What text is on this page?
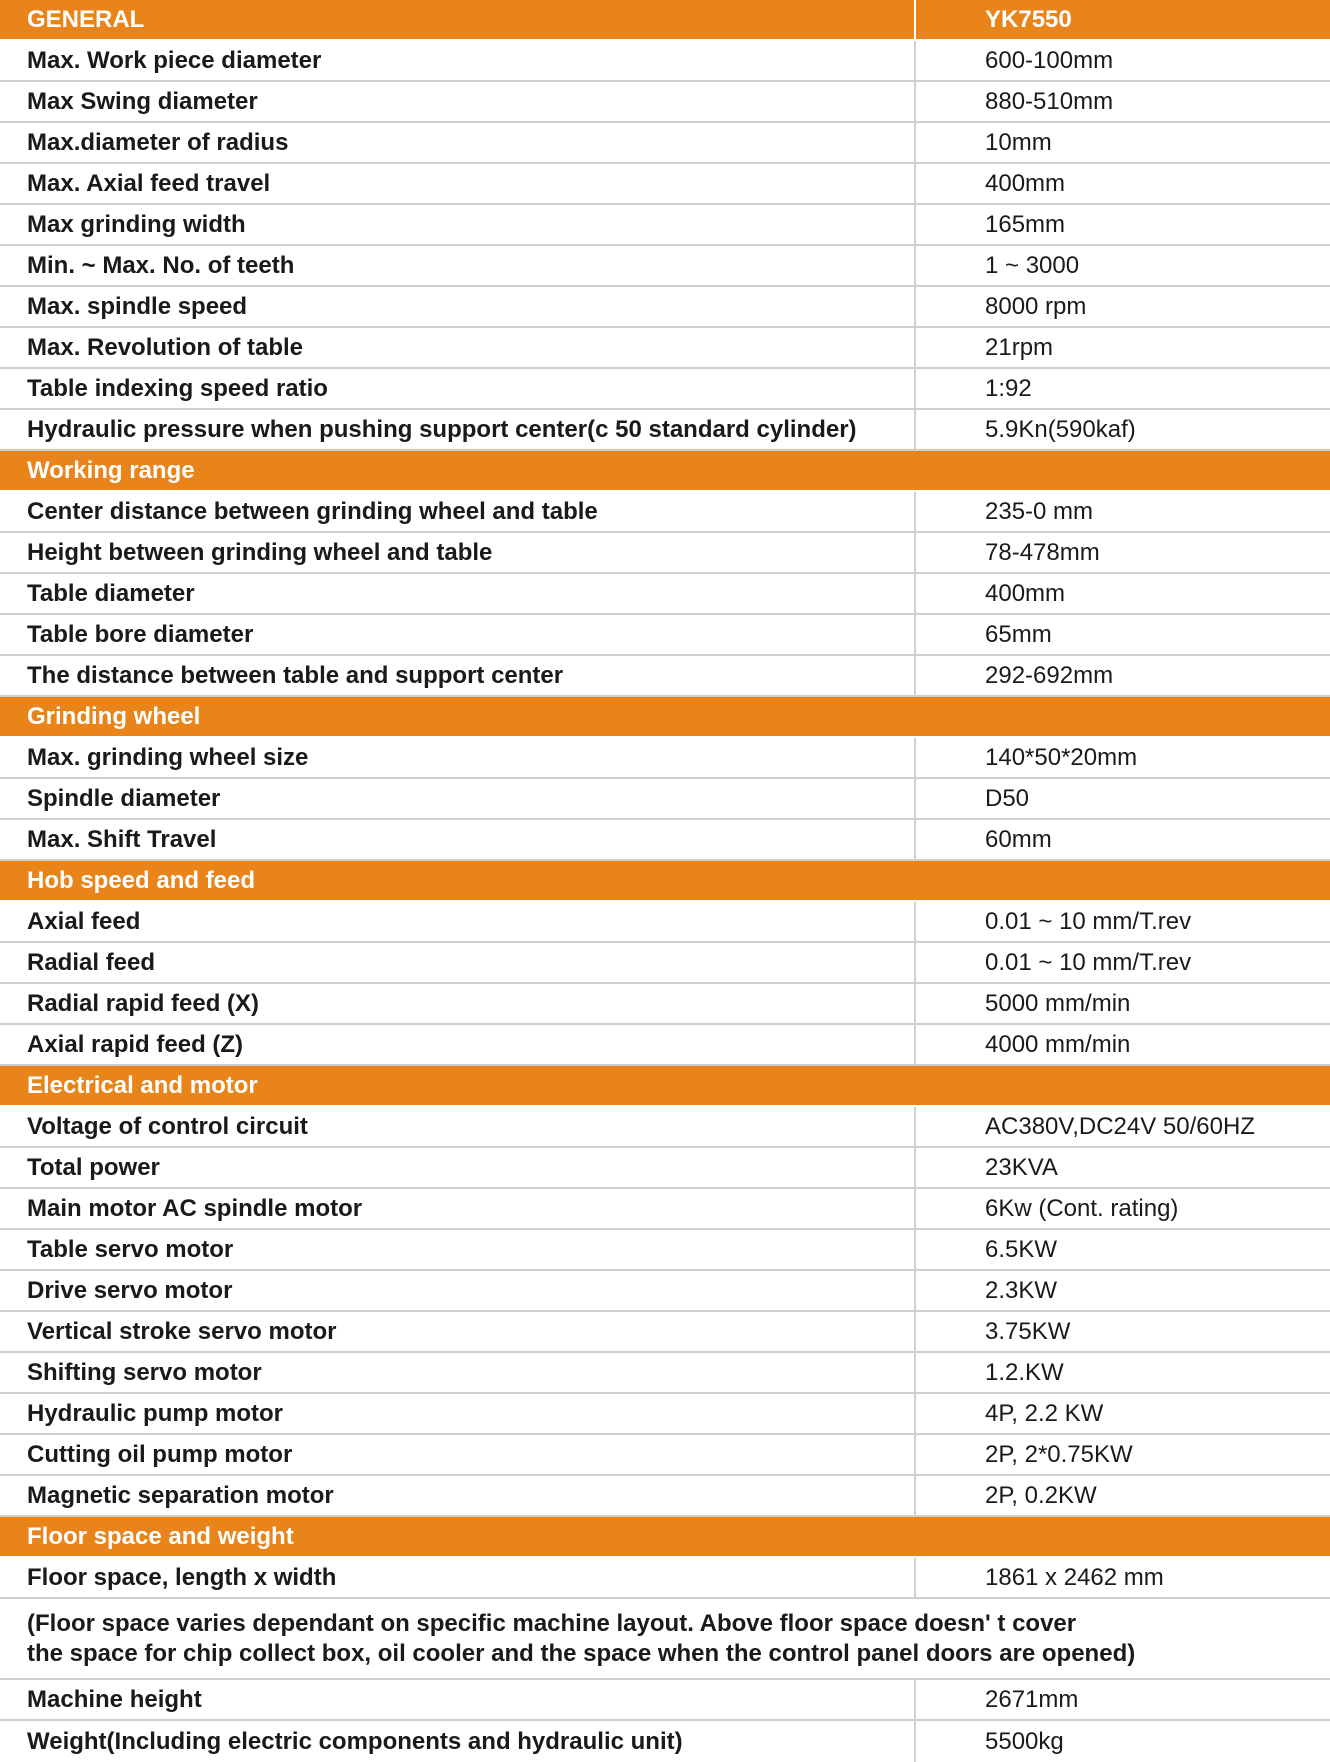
GENERAL	YK7550
Max. Work piece diameter	600-100mm
Max Swing diameter	880-510mm
Max.diameter of radius	10mm
Max. Axial feed travel	400mm
Max grinding width	165mm
Min. ~ Max. No. of teeth	1 ~ 3000
Max. spindle speed	8000 rpm
Max. Revolution of table	21rpm
Table indexing speed ratio	1:92
Hydraulic pressure when pushing support center(c 50 standard cylinder)	5.9Kn(590kaf)
Working range
Center distance between grinding wheel and table	235-0 mm
Height between grinding wheel and table	78-478mm
Table diameter	400mm
Table bore diameter	65mm
The distance between table and support center	292-692mm
Grinding wheel
Max. grinding wheel size	140*50*20mm
Spindle diameter	D50
Max. Shift Travel	60mm
Hob speed and feed
Axial feed	0.01 ~ 10 mm/T.rev
Radial feed	0.01 ~ 10 mm/T.rev
Radial rapid feed (X)	5000 mm/min
Axial rapid feed (Z)	4000 mm/min
Electrical and motor
Voltage of control circuit	AC380V,DC24V 50/60HZ
Total power	23KVA
Main motor AC spindle motor	6Kw (Cont. rating)
Table servo motor	6.5KW
Drive servo motor	2.3KW
Vertical stroke servo motor	3.75KW
Shifting servo motor	1.2.KW
Hydraulic pump motor	4P, 2.2 KW
Cutting oil pump motor	2P, 2*0.75KW
Magnetic separation motor	2P, 0.2KW
Floor space and weight
Floor space, length x width	1861 x 2462 mm
(Floor space varies dependant on specific machine layout. Above floor space doesn' t cover
the space for chip collect box, oil cooler and the space when the control panel doors are opened)
Machine height	2671mm
Weight(Including electric components and hydraulic unit)	5500kg
